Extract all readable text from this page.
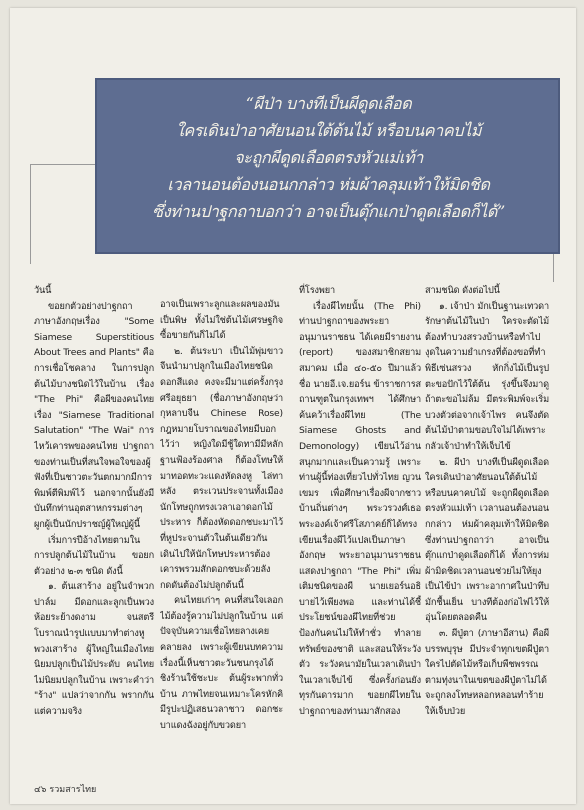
“ผีป่า บางทีเป็นผีดูดเลือด
ใครเดินป่าอาศัยนอนใต้ต้นไม้ หรือบนคาคบไม้
จะถูกผีดูดเลือดตรงหัวแม่เท้า
เวลานอนต้องนอนกกล่าว ห่มผ้าคลุมเท้าให้มิดชิด
ซึ่งท่านปาฐกถาบอกว่า อาจเป็นตุ๊กแกป่าดูดเลือดก็ได้”

วันนี้

ขอยกตัวอย่างปาฐกถาภาษาอังกฤษเรื่อง "Some Siamese Superstitious About Trees and Plants" คือ การเชื่อโชคลาง ในการปลูกต้นไม้บางชนิดไว้ในบ้าน เรื่อง "The Phi" คือผีของคนไทย เรื่อง "Siamese Traditional Salutation" "The Wai" การไหว้เคารพของคนไทย ปาฐกถาของท่านเป็นที่สนใจพอใจของผู้ฟังที่เป็นชาวตะวันตกมากมีการพิมพ์ตีพิมพ์ไว้ นอกจากนั้นยังมีบันทึกท่านอุตสาหกรรมต่างๆ ผูกผู้เป็นนักปราชญ์ผู้ใหญ่ผู้นี้

เริ่มการปีอ้างไทยตามในการปลูกต้นไม้ในบ้าน ขอยกตัวอย่าง ๒-๓ ชนิด ดังนี้

๑. ต้นเสาร้าง อยู่ในจำพวกปาล์ม มีดอกและลูกเป็นพวงห้อยระย้างดงาม จนสตรีโบราณนำรูปแบบมาทำต่างหูพวงเสาร้าง ผู้ใหญ่ในเมืองไทยนิยมปลูกเป็นไม้ประดับ คนไทยไม่นิยมปลูกในบ้าน เพราะคำว่า "ร้าง" แปลว่าจากกัน พรากกัน แต่ความจริง

อาจเป็นเพราะลูกและผลของมันเป็นพิษ ทั้งไม่ใช่ต้นไม้เศรษฐกิจ ซื้อขายกันก็ไม่ได้

๒. ต้นระบา เป็นไม้พุ่มขาวจีนนำมาปลูกในเมืองไทยชนิดดอกสีแดง คงจะมีมาแต่ครั้งกรุงศรีอยุธยา (ชื่อภาษาอังกฤษว่า กุหลาบจีน Chinese Rose) กฎหมายโบราณของไทยมีบอกไว้ว่า หญิงใดมีชู้ใดทามีมีหลักฐานฟ้องร้องศาล ก็ต้องโทษให้มาทอดทะวะแดงหัดลงหู ไล่ทาหลัง ตระเวนประจานทั้งเมือง นักโทษถูกทรงเวลาเอาดอกไม้ประหาร ก็ต้องหัดดอกชบะมาไว้ที่หูประจานตัวในต้นเดียวกัน เดินไปให้นักโทษประหารต้องเคารพรวมสักดอกชบะด้วยลังกดดันต้องไม่ปลูกต้นนี้

คนไทยเก่าๆ คนที่สนใจเลอกไม้ต้องรู้ความไม่ปลูกในบ้าน แต่ปัจจุบันความเชื่อไทยลางเคยคลายลง เพราะผู้เขียนบทความเรื่องนี้เห็นชาวตะวันชนกรุงได้ชิงร้านใช้ชะบะ ต้นผู้ระพากทั่วบ้าน ภาพไทยจนเหมาะโครหักคิมีรูปะปฏิเสธนวลาชาว ดอกชะบาแดงฉังอยู่กับขวดยา

ที่โรงพยา

เรื่องผีไทยนั้น (The Phi) ท่านปาฐกถาของพระยาอนุมานราชธน ได้เคยมีรายงาน (report) ของสมาชิกสยามสมาคม เมื่อ ๔๐-๕๐ ปีมาแล้ว ชื่อ นายอี.เจ.ยอร์น ข้าราชการสถานฑูตในกรุงเทพฯ ได้ศึกษาค้นคว้าเรื่องผีไทย (The Siamese Ghosts and Demonology) เขียนไว้อ่านสนุกมากและเป็นความรู้ เพราะท่านผู้นี้ท่องเที่ยวไปทั่วไทย ญวน เขมร เพื่อศึกษาเรื่องผีจากชาวบ้านถิ่นต่างๆ พระวรวงศ์เธอ พระองค์เจ้าศรีโสภาคย์ก็ได้ทรงเขียนเรื่องผีไว้แปลเป็นภาษาอังกฤษ พระยาอนุมานราชธนแสดงปาฐกถา "The Phi" เพิ่มเติมชนิดของผี นายเยอร์นอธิบายไว้เพียงพอ และท่านได้ชี้ประโยชน์ของผีไทยที่ช่วยป้องกันคนไม่ให้ทำชั่ว ทำลายทรัพย์ของชาติ และสอนให้ระวังตัว ระวังคนามัยในเวลาเดินป่าในเวลาเจ็บไข้ ซึ่งครั้งก่อนยังทุรกันดารมาก ขอยกผีไทยในปาฐกถาของท่านมาสักสอง

สามชนิด ดังต่อไปนี้

๑. เจ้าป่า มักเป็นฐานะเทวดารักษาต้นไม้ในป่า ใครจะตัดไม้ต้องทำบวงสรวงบ้านหรือทำไปงุดในความยำเกรงที่ต้องขอที่ทำพิธีเซ่นสรวง หักกิ่งไม้เป็นรูปตะขอปักไว้ใต้ต้น รุ่งขึ้นจึงมาดู ถ้าตะขอไม่ล้ม มีตระพิมพ์จะเริ่มบวงตัวต่อจากเจ้าไพร คนจึงตัดต้นไม้ป่าตามขอบใจไม่ได้เพราะกลัวเจ้าป่าทำให้เจ็บไข้

๒. ผีป่า บางทีเป็นผีดูดเลือด ใครเดินป่าอาศัยนอนใต้ต้นไม้ หรือบนคาคบไม้ จะถูกผีดูดเลือดตรงหัวแม่เท้า เวลานอนต้องนอนกกล่าว ห่มผ้าคลุมเท้าให้มิดชิด ซึ่งท่านปาฐกถาว่า อาจเป็นตุ๊กแกป่าดูดเลือดก็ได้ ทั้งการห่มผ้ามิดชิดเวลานอนช่วยไม่ให้ยุงเป็นไข้ป่า เพราะอากาศในป่าทึบมักชื้นเย็น บางทีต้องก่อไฟไว้ให้อุ่นโดยตลอดคืน

๓. ผีปู่ตา (ภาษาอีสาน) คือผีบรรพบุรุษ มีประจำทุกเขตผีปู่ตา ใครไปตัดไม้หรือเก็บพืชพรรณตามทุ่งนาในเขตของผีปู่ตาไม่ได้ จะถูกลงโทษหลอกหลอนทำร้ายให้เจ็บป่วย

๔๖ รวมสารไทย
